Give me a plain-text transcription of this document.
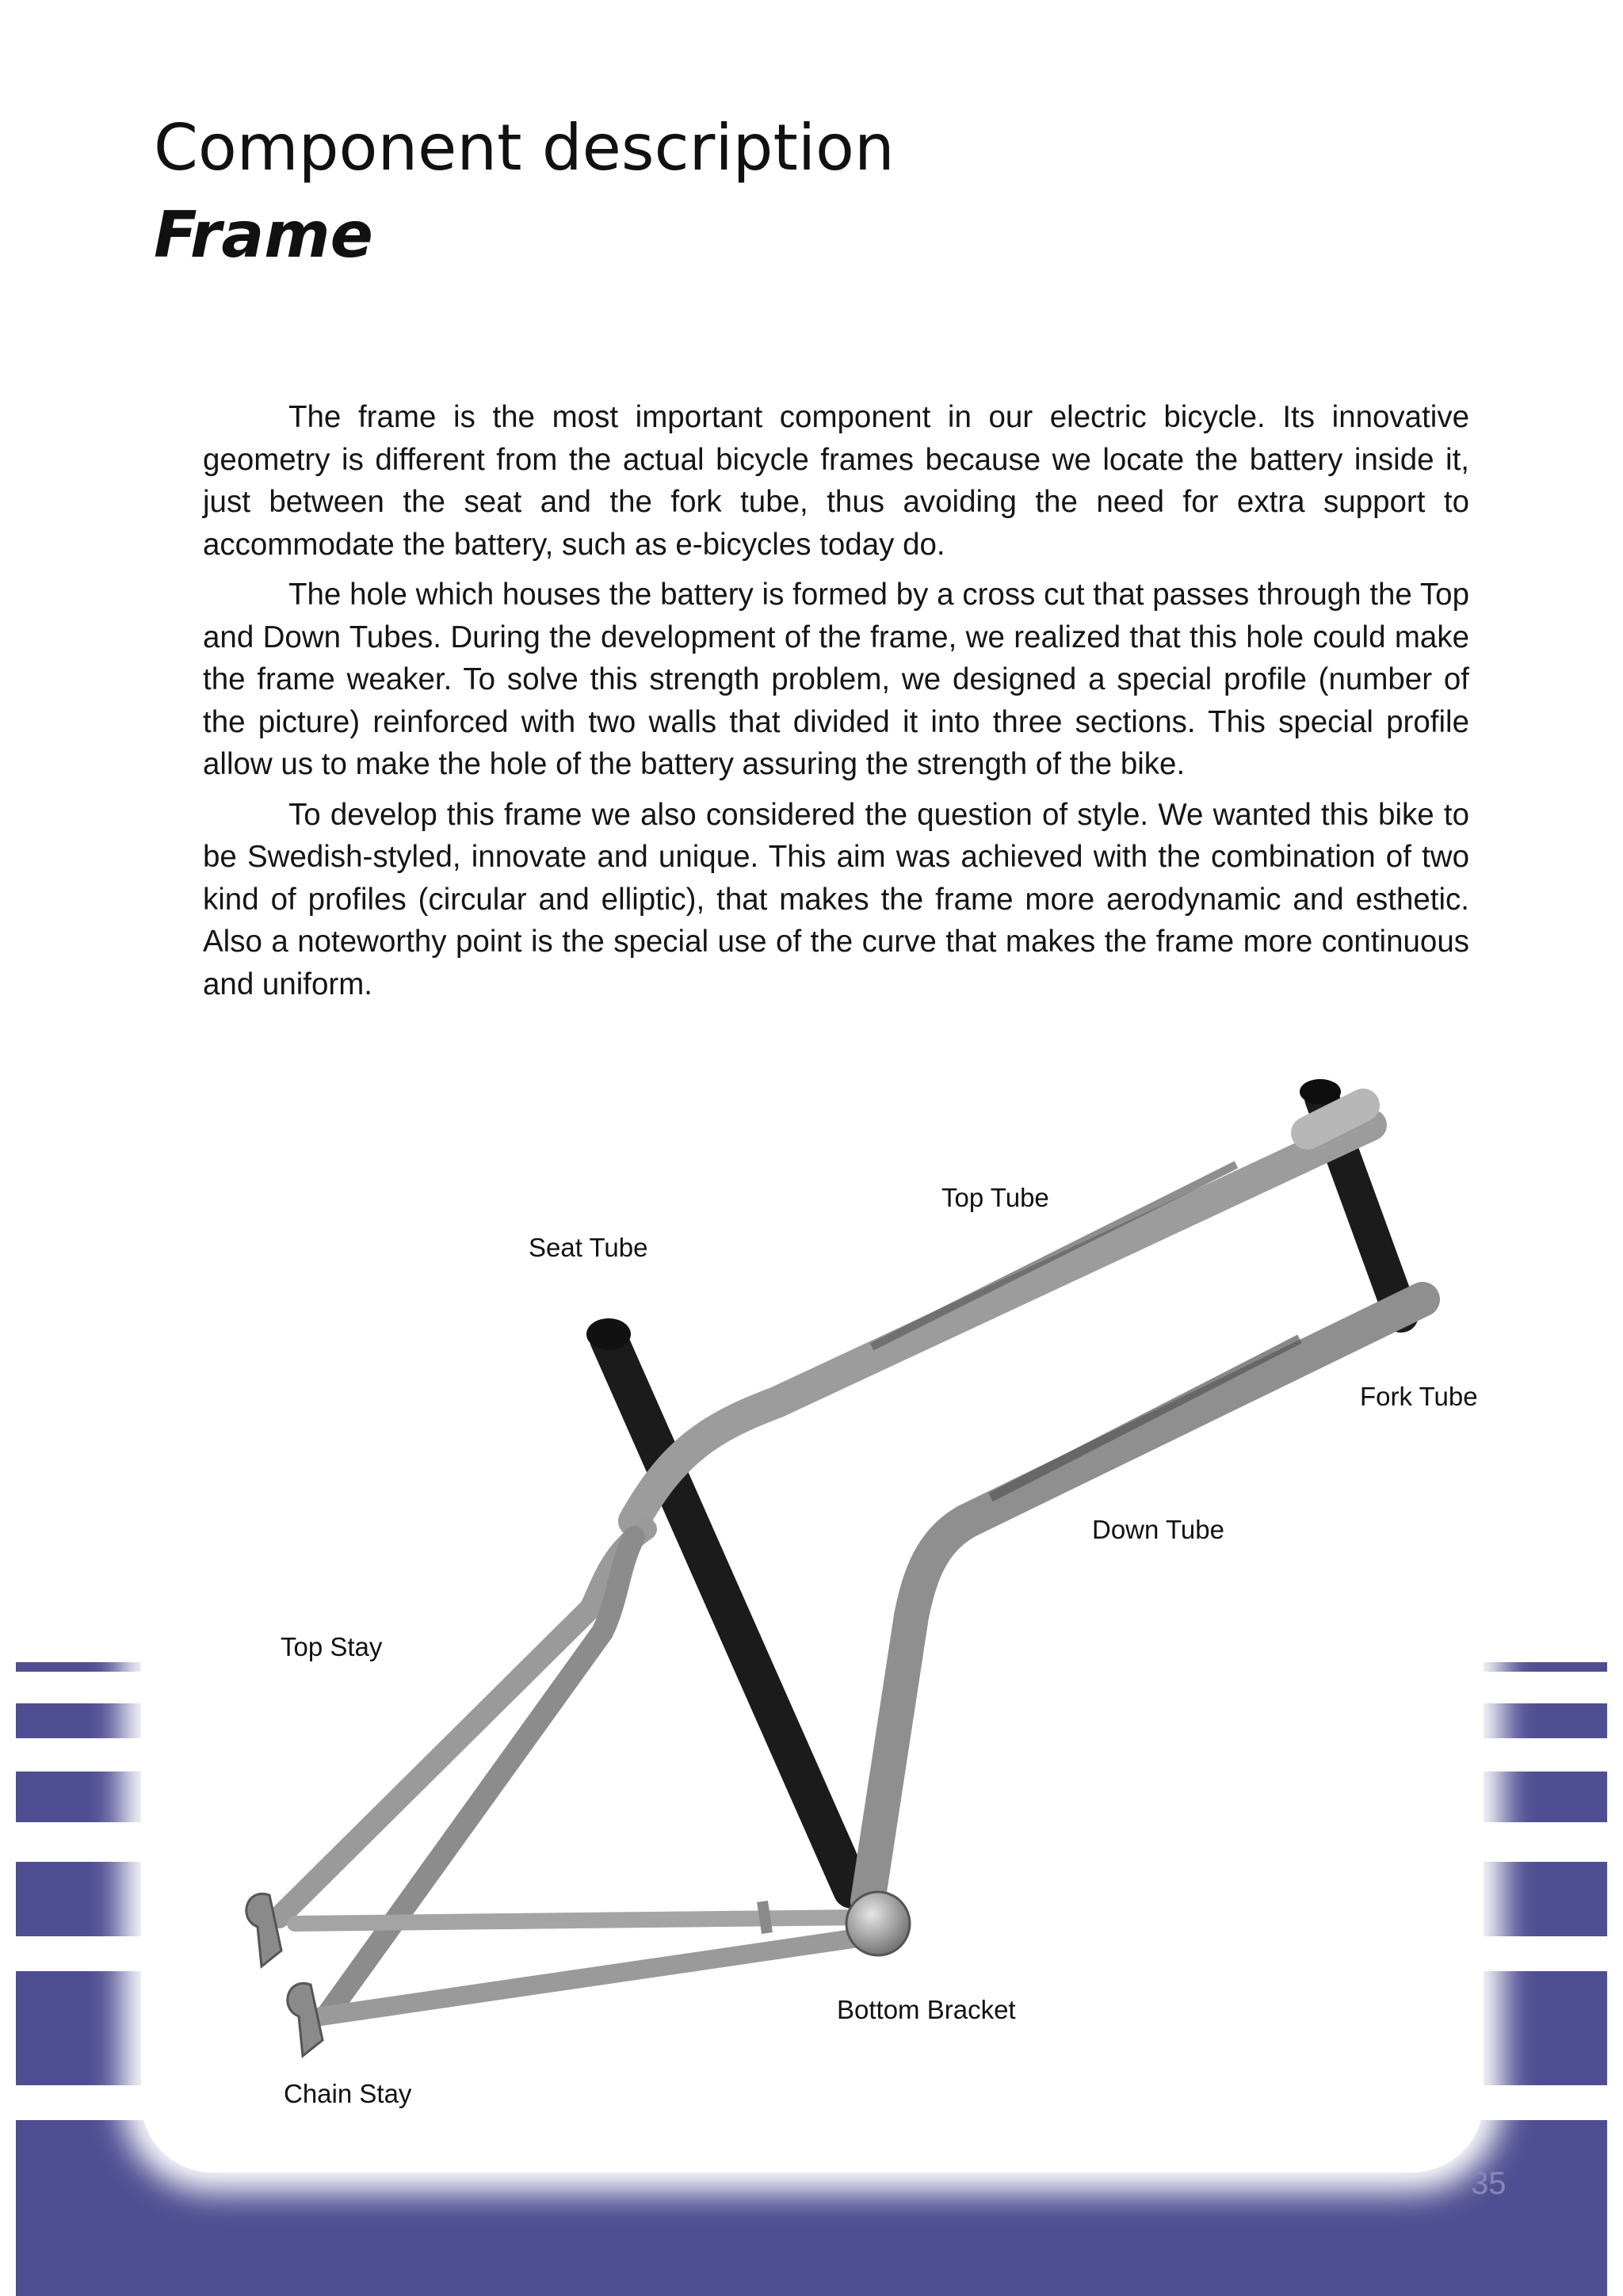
Component description
Frame

The frame is the most important component in our electric bicycle. Its innovative geometry is different from the actual bicycle frames because we locate the battery inside it, just between the seat and the fork tube, thus avoiding the need for extra support to accommodate the battery, such as e-bicycles today do.

The hole which houses the battery is formed by a cross cut that passes through the Top and Down Tubes. During the development of the frame, we realized that this hole could make the frame weaker. To solve this strength problem, we designed a special profile (number of the picture) reinforced with two walls that divided it into three sections. This special profile allow us to make the hole of the battery assuring the strength of the bike.

To develop this frame we also considered the question of style. We wanted this bike to be Swedish-styled, innovate and unique. This aim was achieved with the combination of two kind of profiles (circular and elliptic), that makes the frame more aerodynamic and esthetic. Also a noteworthy point is the special use of the curve that makes the frame more continuous and uniform.

Top Tube
Seat Tube
Fork Tube
Down Tube
Top Stay
Bottom Bracket
Chain Stay
35
